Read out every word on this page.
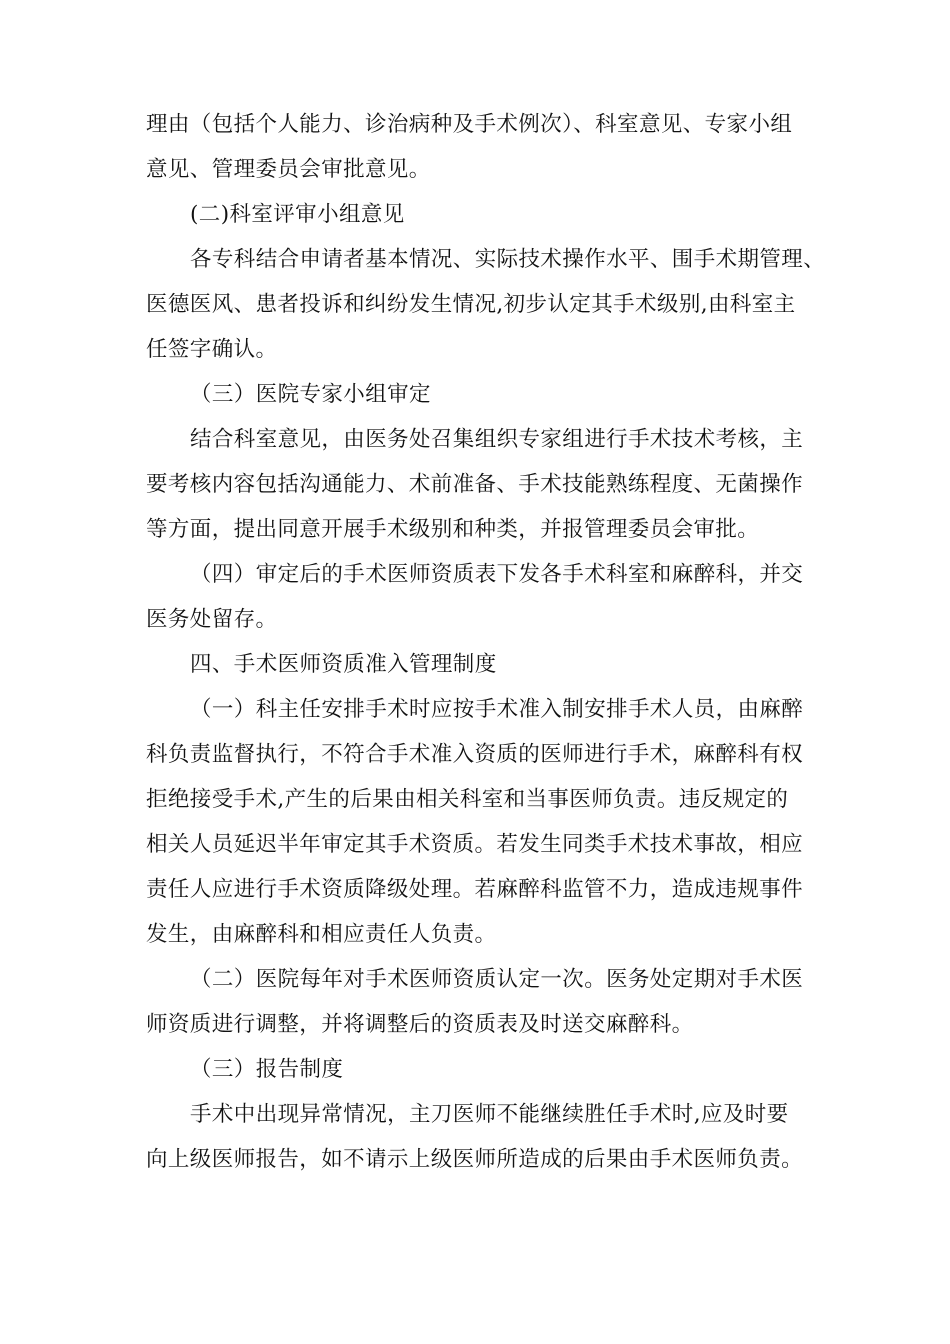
理由（包括个人能力、诊治病种及手术例次）、科室意见、专家小组
意见、管理委员会审批意见。
(二)科室评审小组意见
各专科结合申请者基本情况、实际技术操作水平、围手术期管理、
医德医风、患者投诉和纠纷发生情况,初步认定其手术级别,由科室主
任签字确认。
（三）医院专家小组审定
结合科室意见，由医务处召集组织专家组进行手术技术考核，主
要考核内容包括沟通能力、术前准备、手术技能熟练程度、无菌操作
等方面，提出同意开展手术级别和种类，并报管理委员会审批。
（四）审定后的手术医师资质表下发各手术科室和麻醉科，并交
医务处留存。
四、手术医师资质准入管理制度
（一）科主任安排手术时应按手术准入制安排手术人员，由麻醉
科负责监督执行，不符合手术准入资质的医师进行手术，麻醉科有权
拒绝接受手术,产生的后果由相关科室和当事医师负责。违反规定的
相关人员延迟半年审定其手术资质。若发生同类手术技术事故，相应
责任人应进行手术资质降级处理。若麻醉科监管不力，造成违规事件
发生，由麻醉科和相应责任人负责。
（二）医院每年对手术医师资质认定一次。医务处定期对手术医
师资质进行调整，并将调整后的资质表及时送交麻醉科。
（三）报告制度
手术中出现异常情况，主刀医师不能继续胜任手术时,应及时要
向上级医师报告，如不请示上级医师所造成的后果由手术医师负责。
